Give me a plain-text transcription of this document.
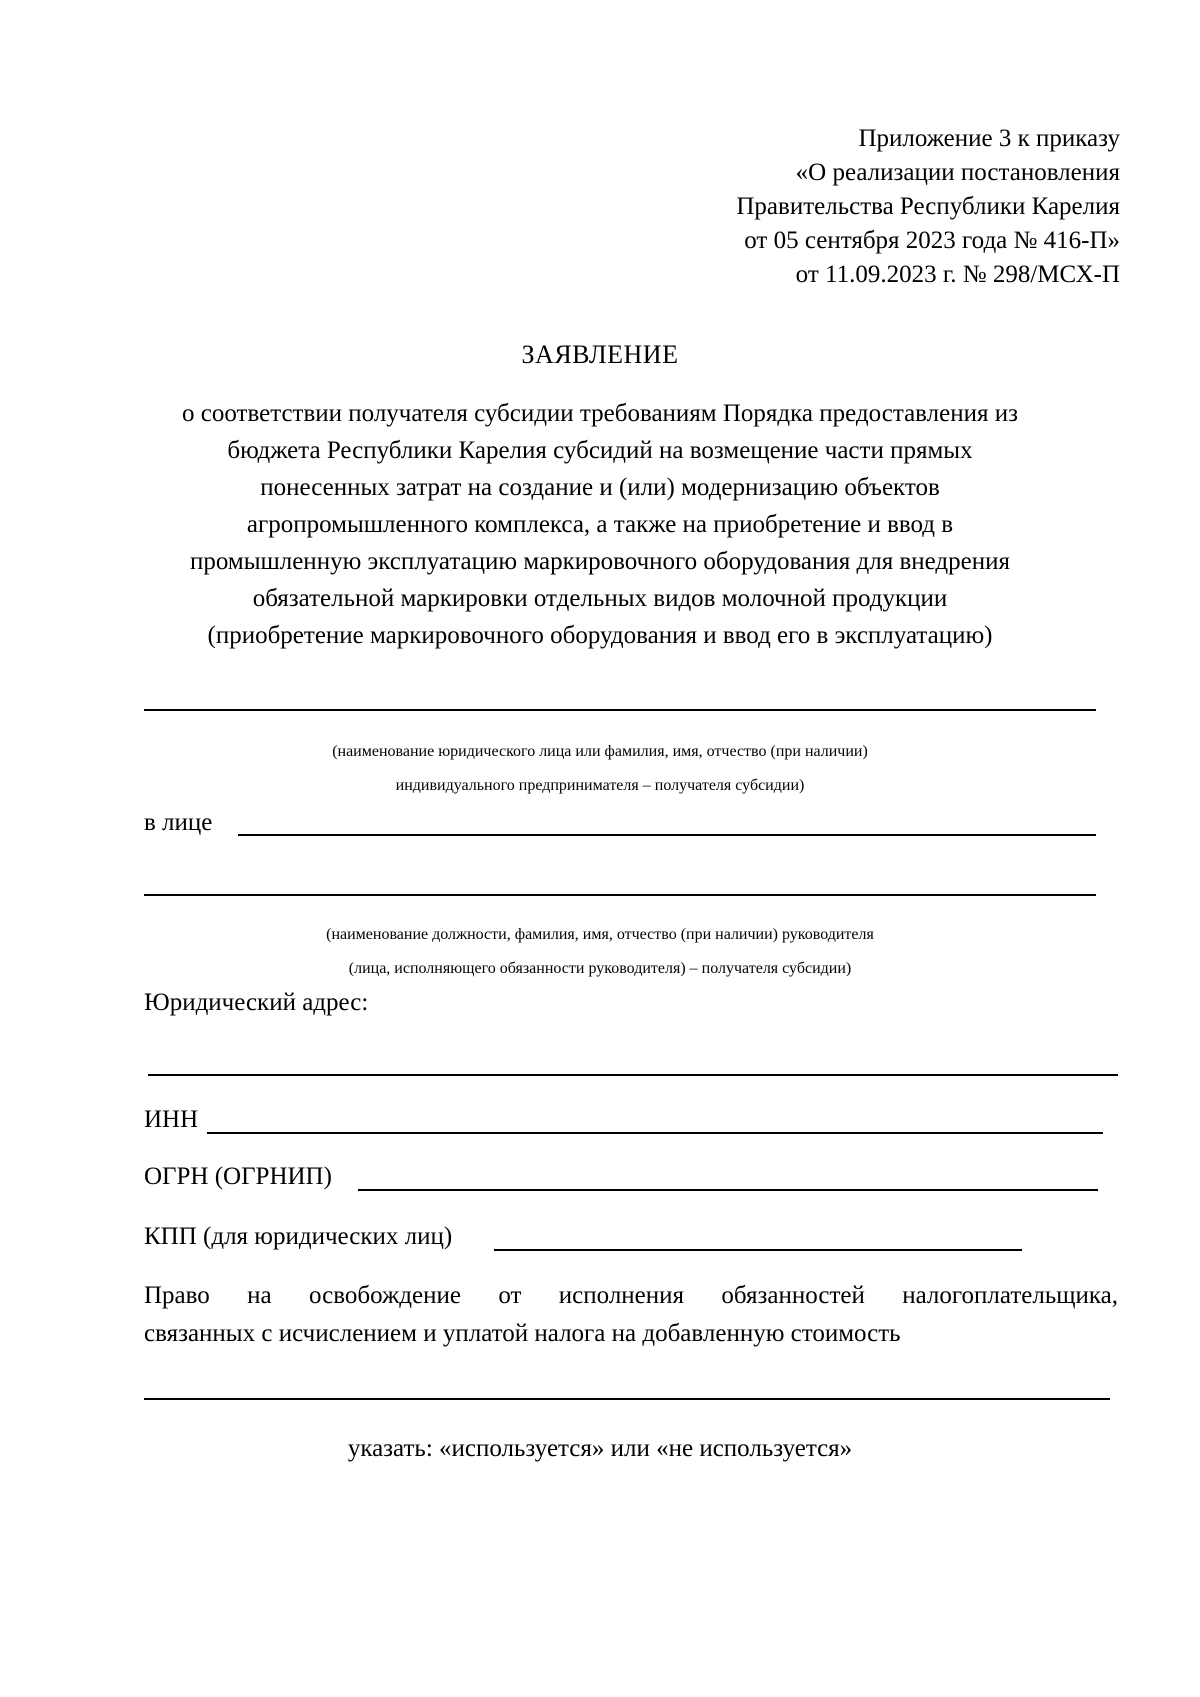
Приложение 3 к приказу
«О реализации постановления
Правительства Республики Карелия
от 05 сентября 2023 года № 416-П»
от 11.09.2023 г. № 298/МСХ-П
ЗАЯВЛЕНИЕ
о соответствии получателя субсидии требованиям Порядка предоставления из
бюджета Республики Карелия субсидий на возмещение части прямых
понесенных затрат на создание и (или) модернизацию объектов
агропромышленного комплекса, а также на приобретение и ввод в
промышленную эксплуатацию маркировочного оборудования для внедрения
обязательной маркировки отдельных видов молочной продукции
(приобретение маркировочного оборудования и ввод его в эксплуатацию)
(наименование юридического лица или фамилия, имя, отчество (при наличии)
индивидуального предпринимателя – получателя субсидии)
в лице
(наименование должности, фамилия, имя, отчество (при наличии) руководителя
(лица, исполняющего обязанности руководителя) – получателя субсидии)
Юридический адрес:
ИНН
ОГРН (ОГРНИП)
КПП (для юридических лиц)
Право на освобождение от исполнения обязанностей налогоплательщика,
связанных с исчислением и уплатой налога на добавленную стоимость
указать: «используется» или «не используется»
